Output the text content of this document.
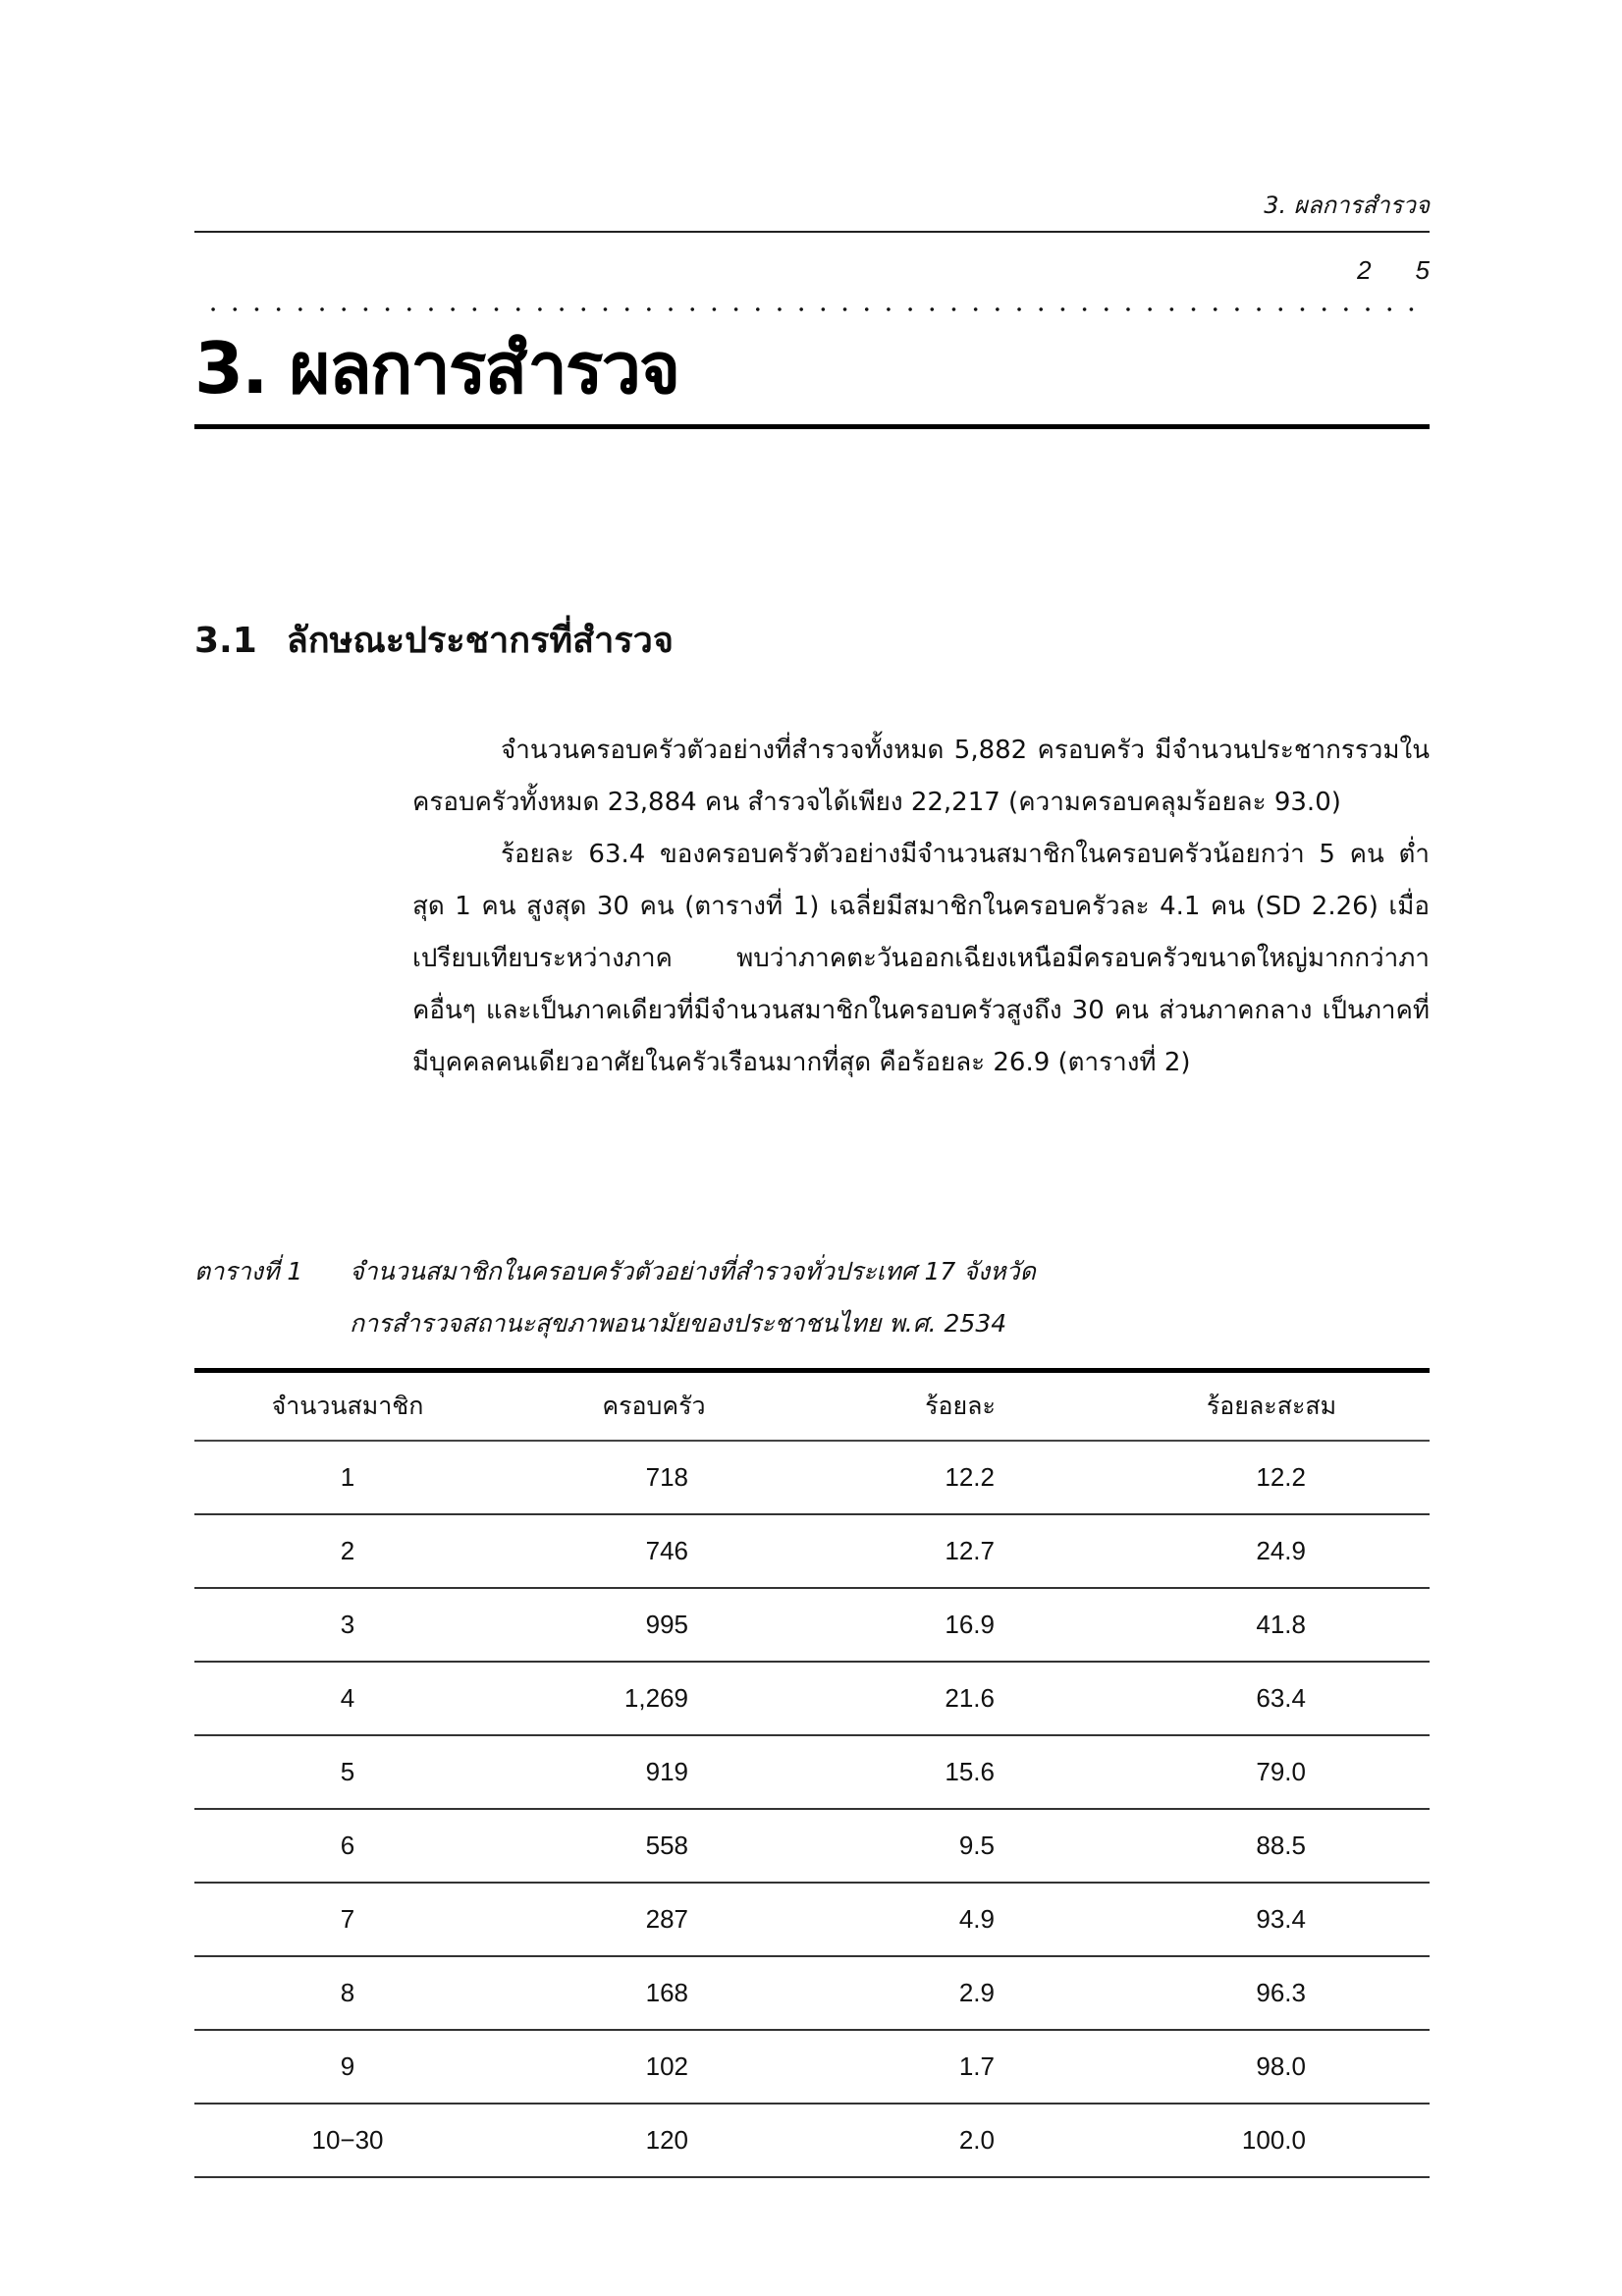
3. ผลการสำรวจ
2 5
3. ผลการสำรวจ
3.1 ลักษณะประชากรที่สำรวจ

จำนวนครอบครัวตัวอย่างที่สำรวจทั้งหมด 5,882 ครอบครัว มีจำนวนประชากรรวมในครอบครัวทั้งหมด 23,884 คน สำรวจได้เพียง 22,217 (ความครอบคลุมร้อยละ 93.0)

ร้อยละ 63.4 ของครอบครัวตัวอย่างมีจำนวนสมาชิกในครอบครัวน้อยกว่า 5 คน ต่ำสุด 1 คน สูงสุด 30 คน (ตารางที่ 1) เฉลี่ยมีสมาชิกในครอบครัวละ 4.1 คน (SD 2.26) เมื่อเปรียบเทียบระหว่างภาค พบว่าภาคตะวันออกเฉียงเหนือมีครอบครัวขนาดใหญ่มากกว่าภาคอื่นๆ และเป็นภาคเดียวที่มีจำนวนสมาชิกในครอบครัวสูงถึง 30 คน ส่วนภาคกลาง เป็นภาคที่มีบุคคลคนเดียวอาศัยในครัวเรือนมากที่สุด คือร้อยละ 26.9 (ตารางที่ 2)

ตารางที่ 1	จำนวนสมาชิกในครอบครัวตัวอย่างที่สำรวจทั่วประเทศ 17 จังหวัด
การสำรวจสถานะสุขภาพอนามัยของประชาชนไทย พ.ศ. 2534
จำนวนสมาชิก	ครอบครัว	ร้อยละ	ร้อยละสะสม
1	718	12.2	12.2
2	746	12.7	24.9
3	995	16.9	41.8
4	1,269	21.6	63.4
5	919	15.6	79.0
6	558	9.5	88.5
7	287	4.9	93.4
8	168	2.9	96.3
9	102	1.7	98.0
10−30	120	2.0	100.0
